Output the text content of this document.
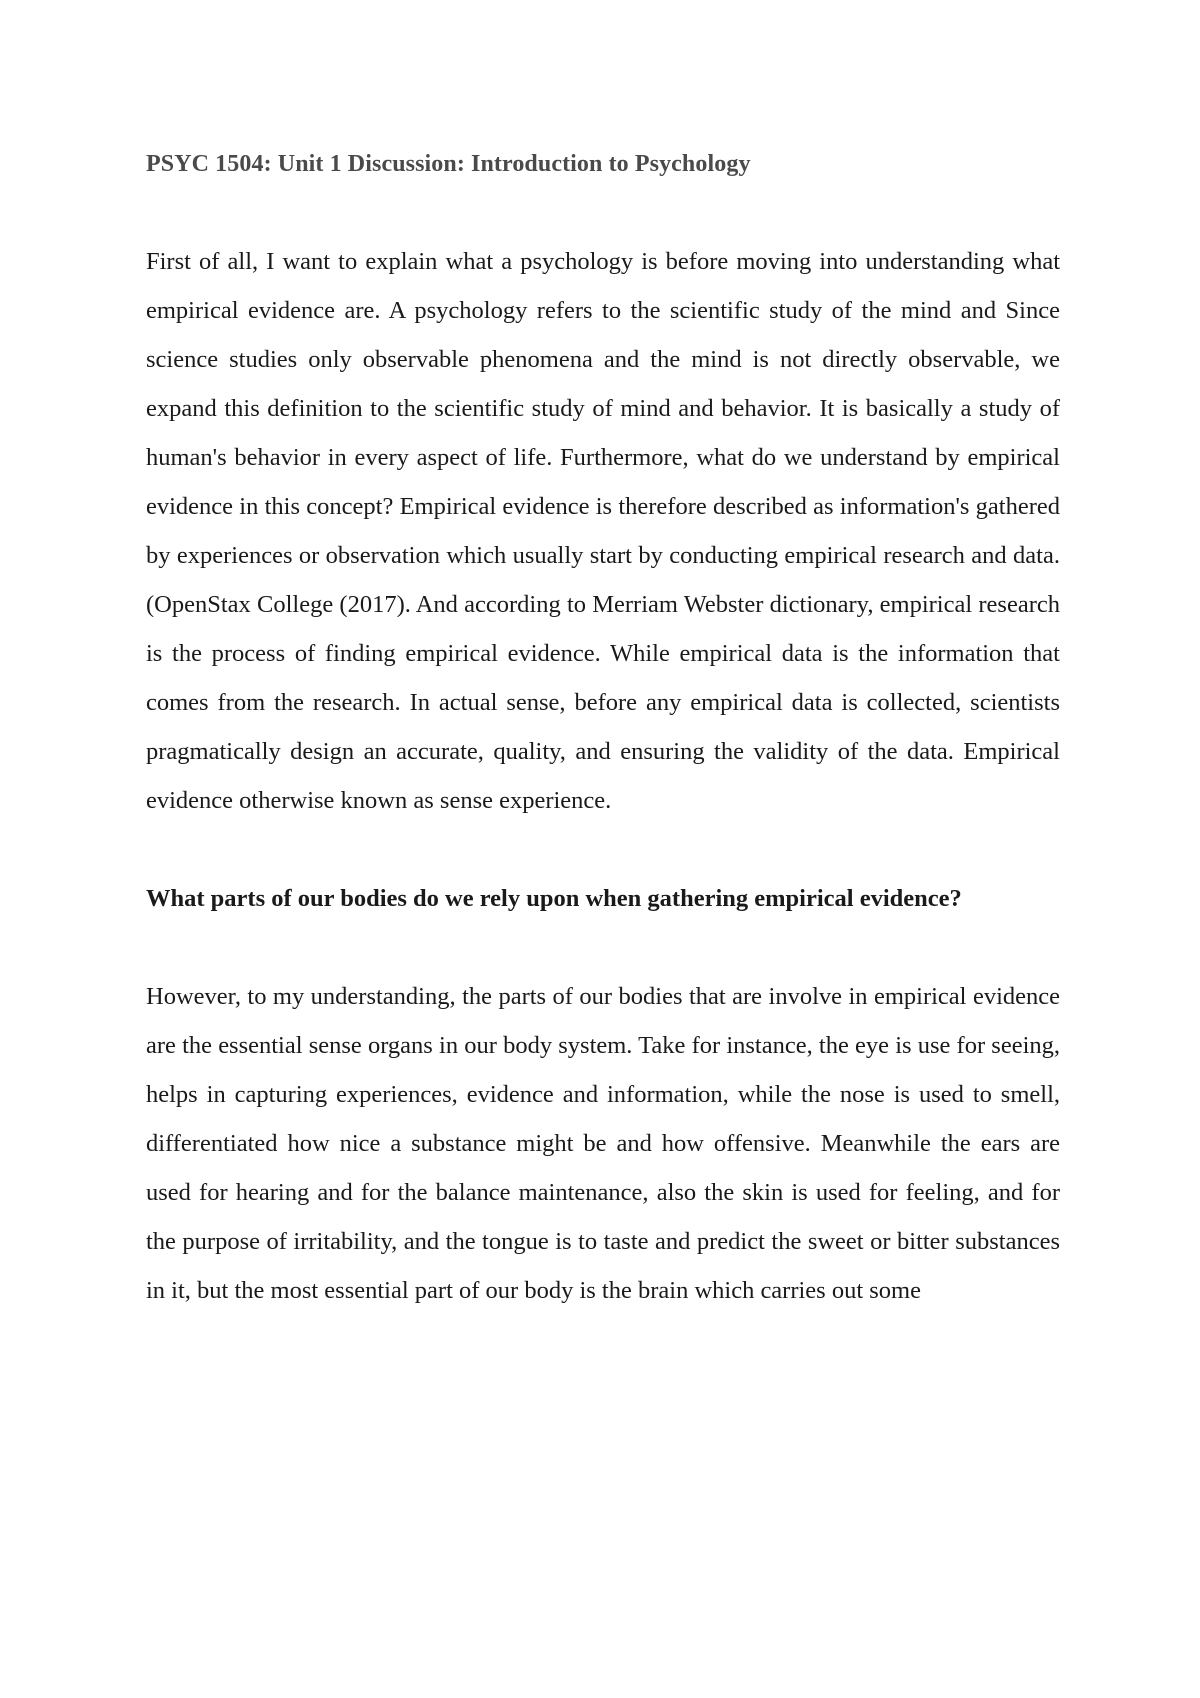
PSYC 1504: Unit 1 Discussion: Introduction to Psychology

First of all, I want to explain what a psychology is before moving into understanding what empirical evidence are. A psychology refers to the scientific study of the mind and Since science studies only observable phenomena and the mind is not directly observable, we expand this definition to the scientific study of mind and behavior. It is basically a study of human's behavior in every aspect of life. Furthermore, what do we understand by empirical evidence in this concept? Empirical evidence is therefore described as information's gathered by experiences or observation which usually start by conducting empirical research and data. (OpenStax College (2017). And according to Merriam Webster dictionary, empirical research is the process of finding empirical evidence. While empirical data is the information that comes from the research. In actual sense, before any empirical data is collected, scientists pragmatically design an accurate, quality, and ensuring the validity of the data. Empirical evidence otherwise known as sense experience.

What parts of our bodies do we rely upon when gathering empirical evidence?

However, to my understanding, the parts of our bodies that are involve in empirical evidence are the essential sense organs in our body system. Take for instance, the eye is use for seeing, helps in capturing experiences, evidence and information, while the nose is used to smell, differentiated how nice a substance might be and how offensive. Meanwhile the ears are used for hearing and for the balance maintenance, also the skin is used for feeling, and for the purpose of irritability, and the tongue is to taste and predict the sweet or bitter substances in it, but the most essential part of our body is the brain which carries out some
